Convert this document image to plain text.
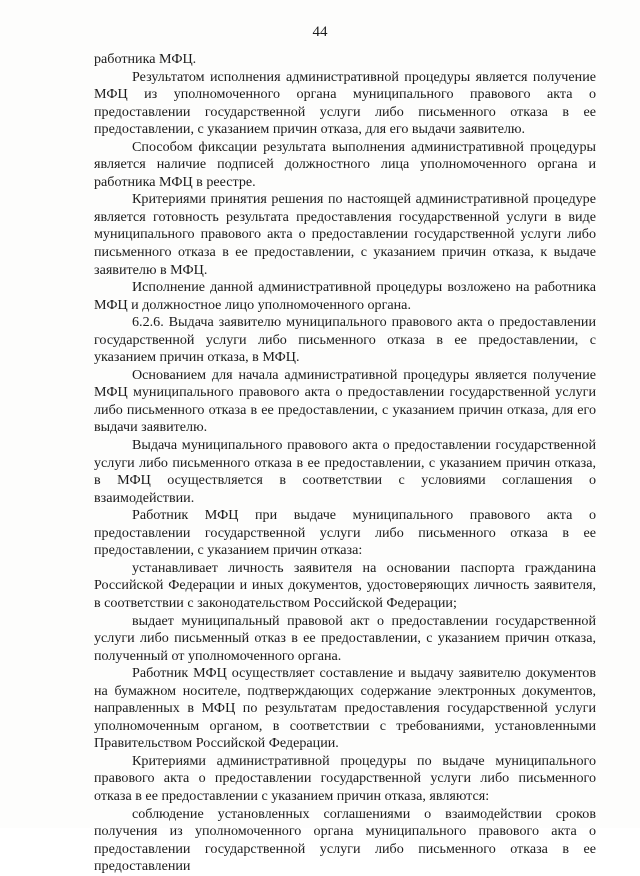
44

работника МФЦ.

Результатом исполнения административной процедуры является получение МФЦ из уполномоченного органа муниципального правового акта о предоставлении государственной услуги либо письменного отказа в ее предоставлении, с указанием причин отказа, для его выдачи заявителю.

Способом фиксации результата выполнения административной процедуры является наличие подписей должностного лица уполномоченного органа и работника МФЦ в реестре.

Критериями принятия решения по настоящей административной процедуре является готовность результата предоставления государственной услуги в виде муниципального правового акта о предоставлении государственной услуги либо письменного отказа в ее предоставлении, с указанием причин отказа, к выдаче заявителю в МФЦ.

Исполнение данной административной процедуры возложено на работника МФЦ и должностное лицо уполномоченного органа.

6.2.6. Выдача заявителю муниципального правового акта о предоставлении государственной услуги либо письменного отказа в ее предоставлении, с указанием причин отказа, в МФЦ.

Основанием для начала административной процедуры является получение МФЦ муниципального правового акта о предоставлении государственной услуги либо письменного отказа в ее предоставлении, с указанием причин отказа, для его выдачи заявителю.

Выдача муниципального правового акта о предоставлении государственной услуги либо письменного отказа в ее предоставлении, с указанием причин отказа, в МФЦ осуществляется в соответствии с условиями соглашения о взаимодействии.

Работник МФЦ при выдаче муниципального правового акта о предоставлении государственной услуги либо письменного отказа в ее предоставлении, с указанием причин отказа:

устанавливает личность заявителя на основании паспорта гражданина Российской Федерации и иных документов, удостоверяющих личность заявителя, в соответствии с законодательством Российской Федерации;

выдает муниципальный правовой акт о предоставлении государственной услуги либо письменный отказ в ее предоставлении, с указанием причин отказа, полученный от уполномоченного органа.

Работник МФЦ осуществляет составление и выдачу заявителю документов на бумажном носителе, подтверждающих содержание электронных документов, направленных в МФЦ по результатам предоставления государственной услуги уполномоченным органом, в соответствии с требованиями, установленными Правительством Российской Федерации.

Критериями административной процедуры по выдаче муниципального правового акта о предоставлении государственной услуги либо письменного отказа в ее предоставлении с указанием причин отказа, являются:

соблюдение установленных соглашениями о взаимодействии сроков получения из уполномоченного органа муниципального правового акта о предоставлении государственной услуги либо письменного отказа в ее предоставлении
